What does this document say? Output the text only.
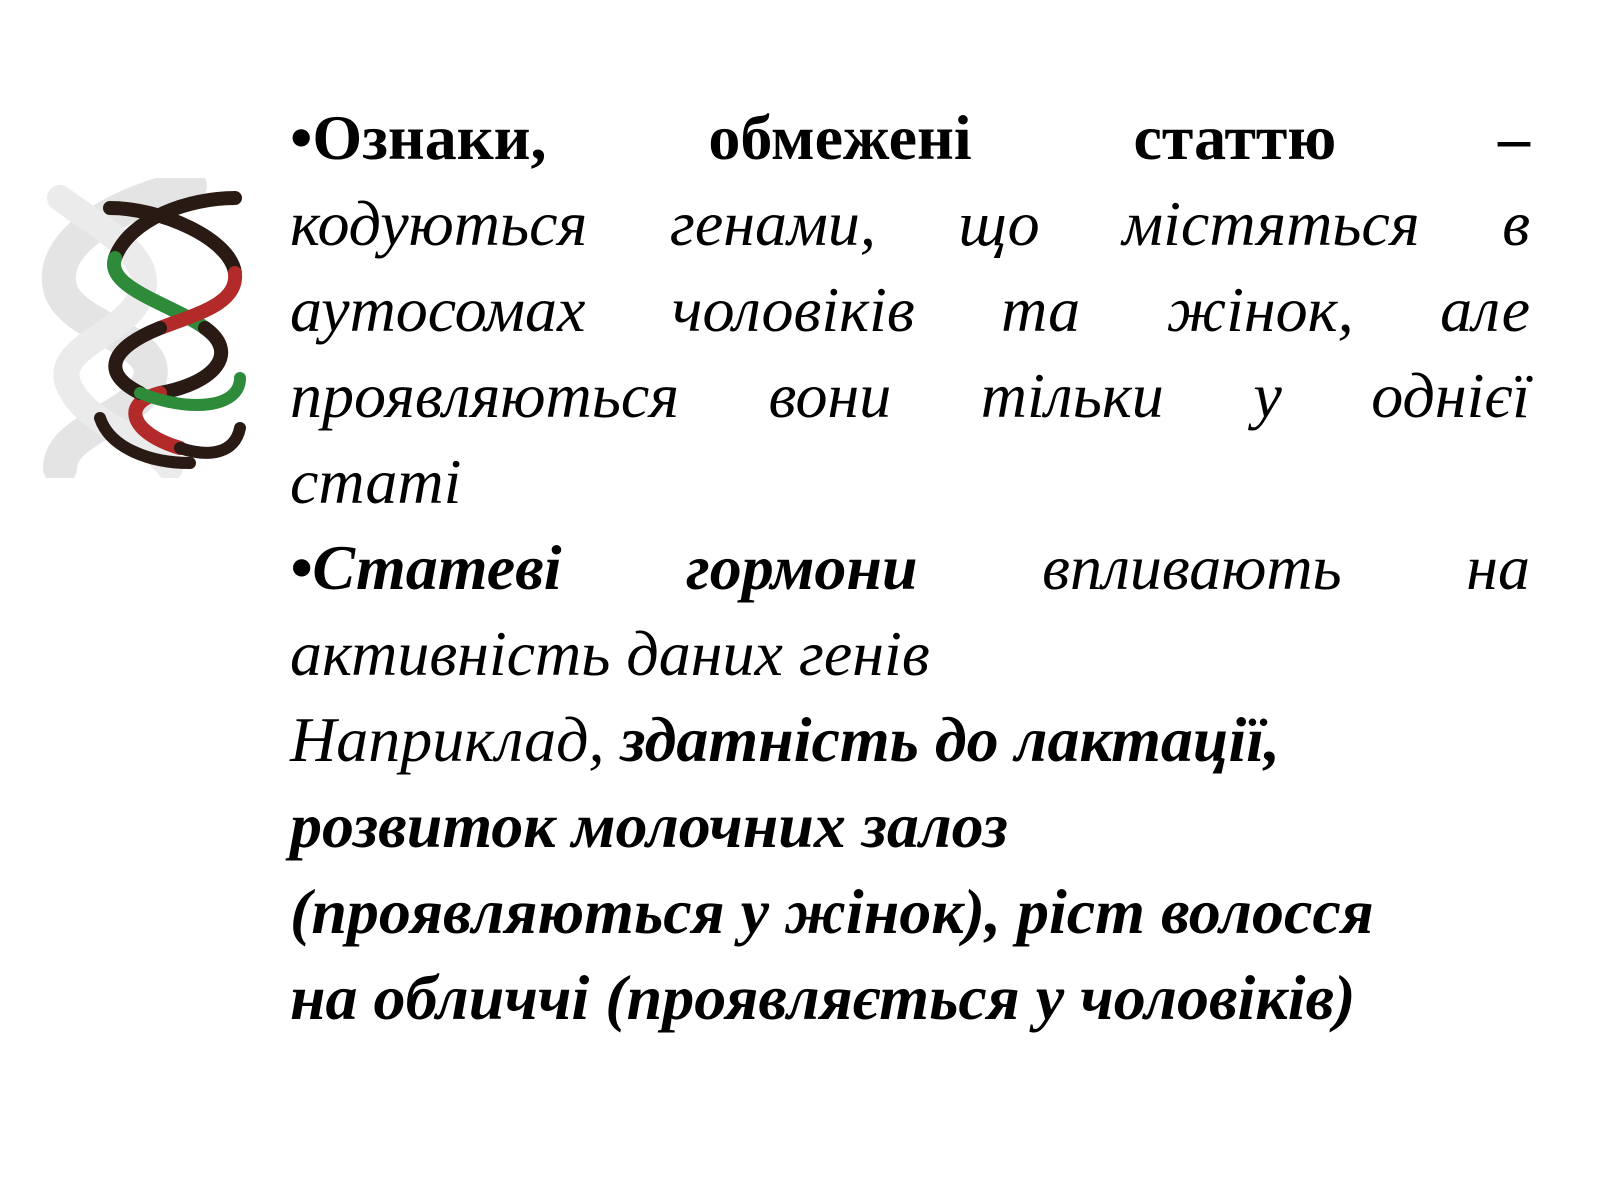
•Ознаки,	обмежені	статтю	–
кодуються генами, що містяться в
аутосомах чоловіків та жінок, але
проявляються вони тільки у однієї
статі
•Статеві гормони впливають на
активність даних генів
Наприклад, здатність до лактації,
розвиток молочних залоз
(проявляються у жінок), ріст волосся
на обличчі (проявляється у чоловіків)
